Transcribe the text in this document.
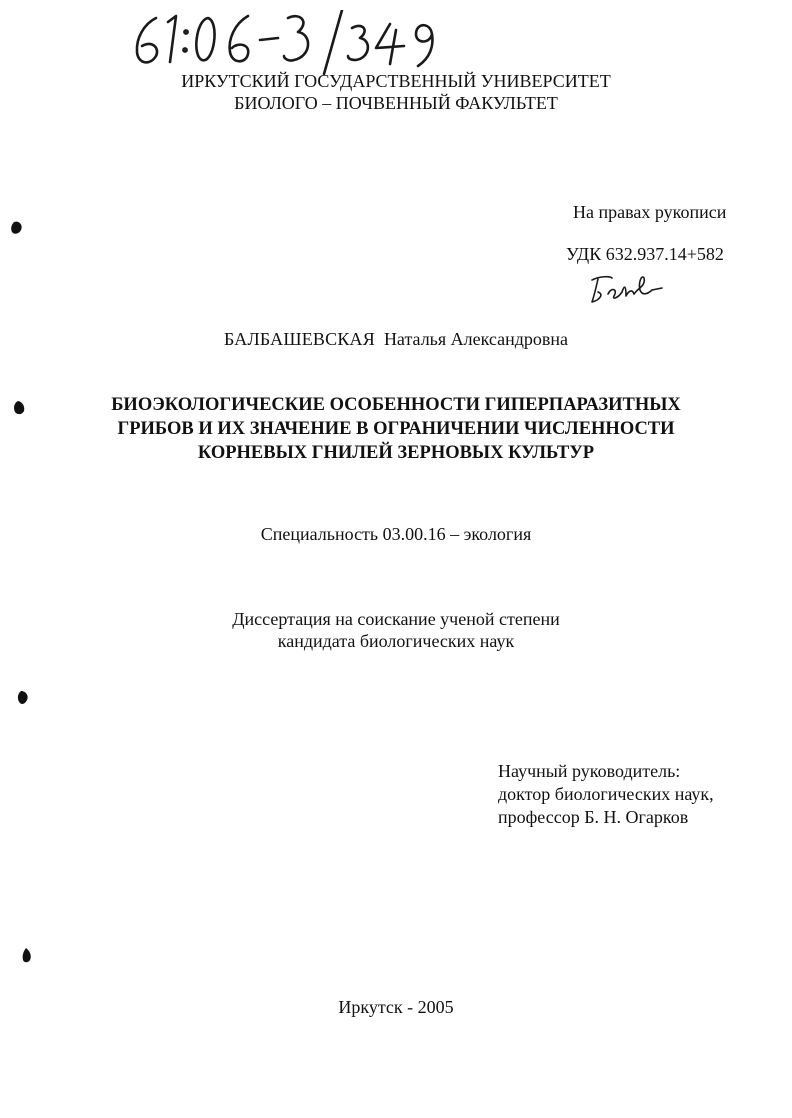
ИРКУТСКИЙ ГОСУДАРСТВЕННЫЙ УНИВЕРСИТЕТ
БИОЛОГО – ПОЧВЕННЫЙ ФАКУЛЬТЕТ
На правах рукописи
УДК 632.937.14+582
БАЛБАШЕВСКАЯ Наталья Александровна
БИОЭКОЛОГИЧЕСКИЕ ОСОБЕННОСТИ ГИПЕРПАРАЗИТНЫХ
ГРИБОВ И ИХ ЗНАЧЕНИЕ В ОГРАНИЧЕНИИ ЧИСЛЕННОСТИ
КОРНЕВЫХ ГНИЛЕЙ ЗЕРНОВЫХ КУЛЬТУР
Специальность 03.00.16 – экология
Диссертация на соискание ученой степени
кандидата биологических наук
Научный руководитель:
доктор биологических наук,
профессор Б. Н. Огарков
Иркутск - 2005
